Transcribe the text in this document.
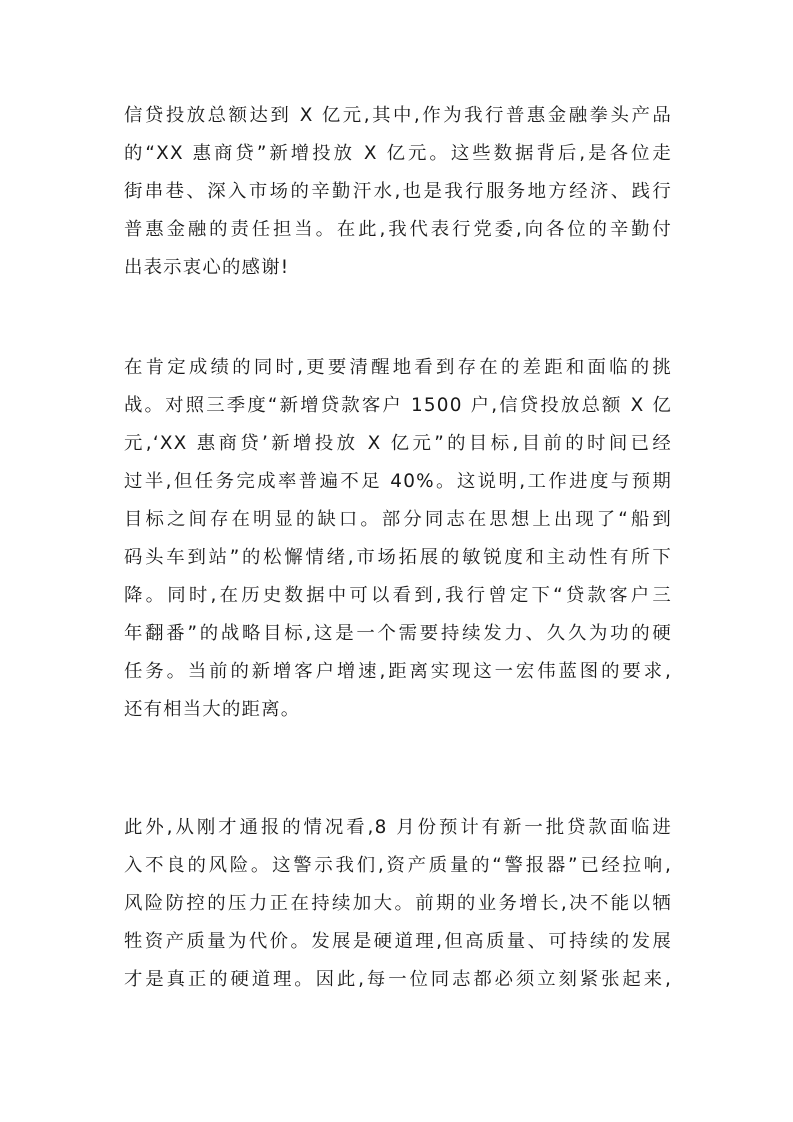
信贷投放总额达到 X 亿元,其中,作为我行普惠金融拳头产品
的“XX 惠商贷”新增投放 X 亿元。这些数据背后,是各位走
街串巷、深入市场的辛勤汗水,也是我行服务地方经济、践行
普惠金融的责任担当。在此,我代表行党委,向各位的辛勤付
出表示衷心的感谢!
在肯定成绩的同时,更要清醒地看到存在的差距和面临的挑
战。对照三季度“新增贷款客户 1500 户,信贷投放总额 X 亿
元,‘XX 惠商贷’新增投放 X 亿元”的目标,目前的时间已经
过半,但任务完成率普遍不足 40%。这说明,工作进度与预期
目标之间存在明显的缺口。部分同志在思想上出现了“船到
码头车到站”的松懈情绪,市场拓展的敏锐度和主动性有所下
降。同时,在历史数据中可以看到,我行曾定下“贷款客户三
年翻番”的战略目标,这是一个需要持续发力、久久为功的硬
任务。当前的新增客户增速,距离实现这一宏伟蓝图的要求,
还有相当大的距离。
此外,从刚才通报的情况看,8 月份预计有新一批贷款面临进
入不良的风险。这警示我们,资产质量的“警报器”已经拉响,
风险防控的压力正在持续加大。前期的业务增长,决不能以牺
牲资产质量为代价。发展是硬道理,但高质量、可持续的发展
才是真正的硬道理。因此,每一位同志都必须立刻紧张起来,
